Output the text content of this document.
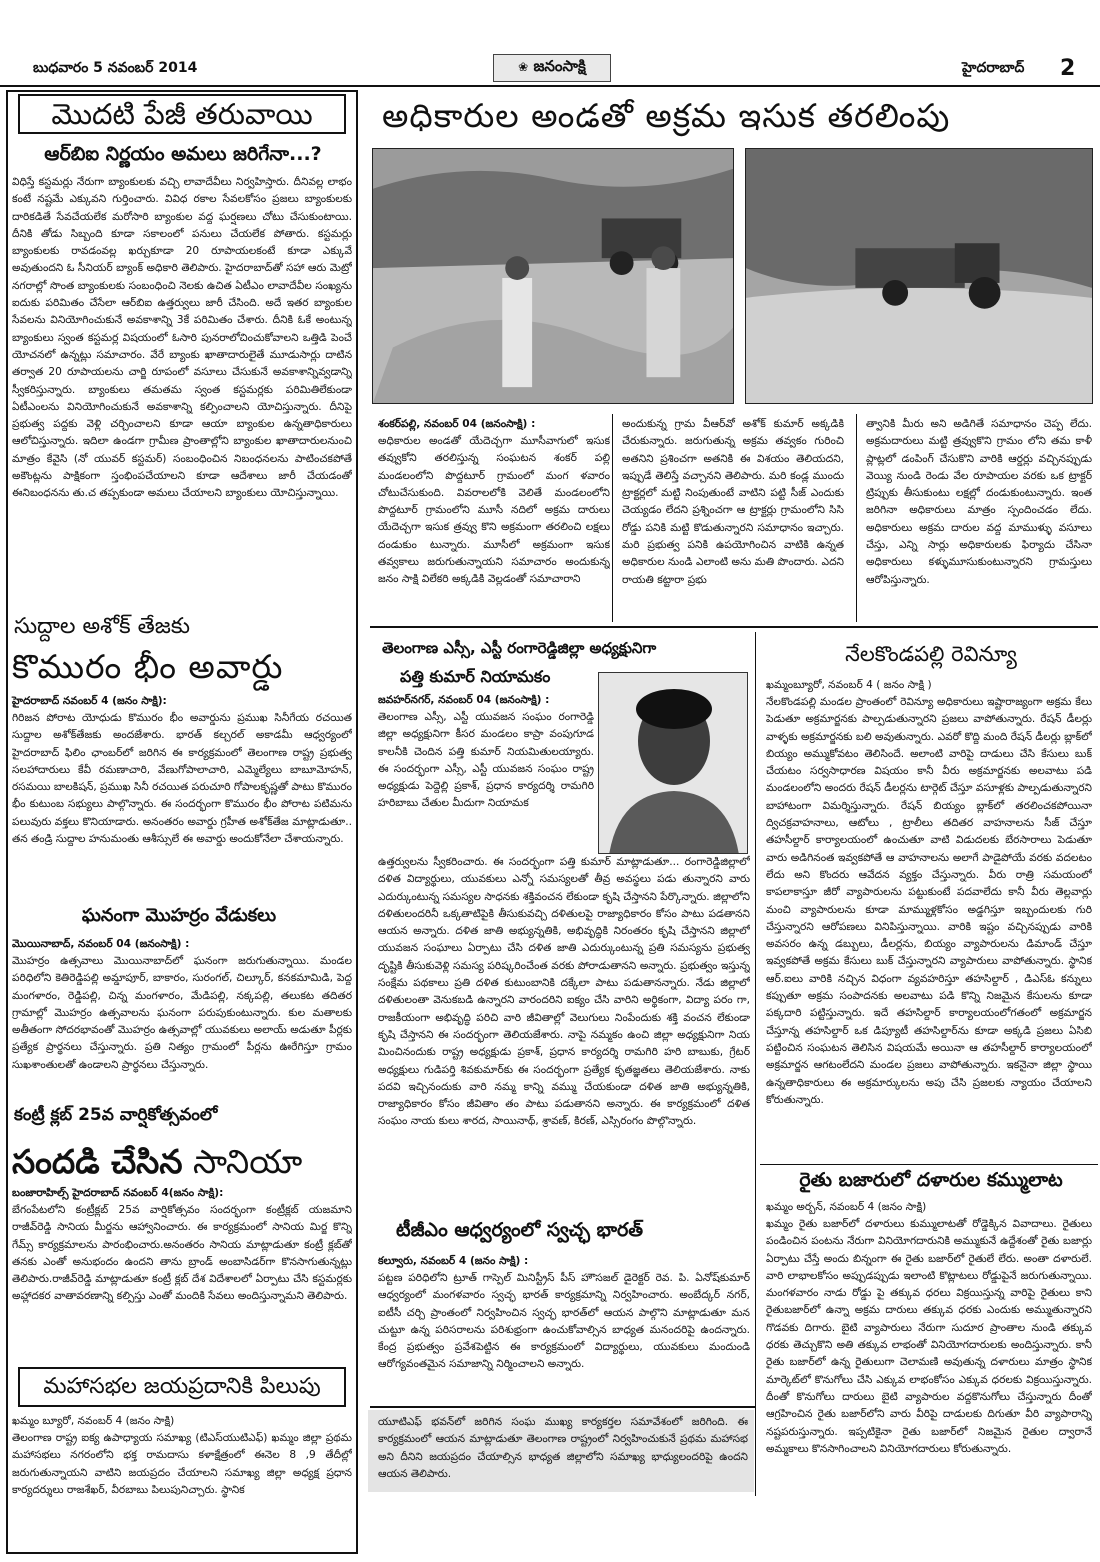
బుధవారం 5 నవంబర్ 2014	❀ జనంసాక్షి	హైదరాబాద్ 2
మొదటి పేజీ తరువాయి
ఆర్‌బిఐ నిర్ణయం అమలు జరిగేనా...?
విధిస్తే కస్టమర్లు నేరుగా బ్యాంకులకు వచ్చి లావాదేవీలు నిర్వహిస్తారు. దీనివల్ల లాభం కంటే నష్టమే ఎక్కువని గుర్తించారు. వివిధ రకాల సేవలకోసం ప్రజలు బ్యాంకులకు దారికడితే సేవచేయలేక మరోసారి బ్యాంకుల వద్ద ఘర్షణలు చోటు చేసుకుంటాయి. దీనికి తోడు సిబ్బంది కూడా సకాలంలో పనులు చేయలేక పోతారు. కస్టమర్లు బ్యాంకులకు రావడంవల్ల ఖర్చుకూడా 20 రూపాయలకంటే కూడా ఎక్కువే అవుతుందని ఓ సీనియర్ బ్యాంక్ అధికారి తెలిపారు. హైదరాబాద్‌తో సహా ఆరు మెట్రో నగరాల్లో సొంత బ్యాంకులకు సంబంధించి నెలకు ఉచిత ఏటీఎం లావాదేవీల సంఖ్యను ఐదుకు పరిమితం చేసేలా ఆర్‌బిఐ ఉత్తర్వులు జారీ చేసింది. అదే ఇతర బ్యాంకుల సేవలను వినియోగించుకునే అవకాశాన్ని 3కే పరిమితం చేశారు. దీనికి ఓకే అంటున్న బ్యాంకులు స్వంత కస్టమర్ల విషయంలో ఓసారి పునరాలోచించుకోవాలని ఒత్తిడి పెంచే యోచనలో ఉన్నట్లు సమాచారం. వేరే బ్యాంకు ఖాతాదారులైతే మూడుసార్లు దాటిన తర్వాత 20 రూపాయలను చార్జి రూపంలో వసూలు చేసుకునే అవకాశాన్నివ్వడాన్ని స్వీకరిస్తున్నారు. బ్యాంకులు తమతమ స్వంత కస్టమర్లకు పరిమితిలేకుండా ఏటీఎంలను వినియోగించుకునే అవకాశాన్ని కల్పించాలని యోచిస్తున్నారు. దీనిపై ప్రభుత్వ పద్దకు వెళ్లి చర్చించాలని కూడా ఆయా బ్యాంకుల ఉన్నతాధికారులు ఆలోచిస్తున్నారు. ఇదిలా ఉండగా గ్రామీణ ప్రాంతాల్లోని బ్యాంకుల ఖాతాదారులనుంచి మాత్రం కేవైసి (నో యువర్ కస్టమర్) సంబంధించిన నిబంధనలను పాటించకపోతే అకౌంట్లను పాక్షికంగా స్తంభింపచేయాలని కూడా ఆదేశాలు జారీ చేయడంతో ఈనిబంధనను తు.చ తప్పకుండా అమలు చేయాలని బ్యాంకులు యోచిస్తున్నాయి.
సుద్దాల అశోక్ తేజకు
కొమురం భీం అవార్డు
హైదరాబాద్ నవంబర్ 4 (జనం సాక్షి):
గిరిజన పోరాట యోధుడు కొమురం భీం అవార్డును ప్రముఖ సినీగేయ రచయిత సుద్దాల అశోక్‌తేజకు అందజేశారు. భారత్ కల్చరల్ అకాడమీ ఆధ్వర్యంలో హైదరాబాద్ ఫిలిం ఛాంబర్‌లో జరిగిన ఈ కార్యక్రమంలో తెలంగాణ రాష్ట్ర ప్రభుత్వ సలహాదారులు కేవీ రమణాచారి, వేణుగోపాలాచారి, ఎమ్మెల్యేలు బాబూమోహన్, రసమయి బాలకిషన్, ప్రముఖ సినీ రచయిత పరుచూరి గోపాలకృష్ణతో పాటు కొమురం భీం కుటుంబ సభ్యులు పాల్గొన్నారు. ఈ సందర్భంగా కొమురం భీం పోరాట పటిమను పలువురు వక్తలు కొనియాడారు. అనంతరం అవార్డు గ్రహీత అశోక్‌తేజ మాట్లాడుతూ.. తన తండ్రి సుద్దాల హనుమంతు ఆశీస్సులే ఈ అవార్డు అందుకోనేలా చేశాయన్నారు.
ఘనంగా మొహర్రం వేడుకలు
మొయినాబాద్, నవంబర్ 04 (జనంసాక్షి) :
మొహర్రం ఉత్సవాలు మొయినాబాద్‌లో ఘనంగా జరుగుతున్నాయి. మండల పరిధిలోని కెతిరెడ్డిపల్లి అమ్డాపూర్, బాకారం, సురంగల్, చిల్కూర్, కనకమామిడి, పెద్ద మంగళారం, రెడ్డిపల్లి, చిన్న మంగళారం, మేడిపల్లి, నక్కపల్లి, తలుకట తదితర గ్రామాల్లో మొహర్రం ఉత్సవాలను ఘనంగా పరుపుకుంటున్నారు. కుల మతాలకు అతీతంగా సోదరభావంతో మొహర్రం ఉత్సవాల్లో యువకులు అలాయ్ అడుతూ పీర్లకు ప్రత్యేక ప్రార్థనలు చేస్తున్నారు. ప్రతి నిత్యం గ్రామంలో పీర్లను ఊరేగిస్తూ గ్రామం సుఖశాంతులతో ఉండాలని ప్రార్థనలు చేస్తున్నారు.
కంట్రీ క్లబ్ 25వ వార్షికోత్సవంలో
సందడి చేసిన సానియా
బంజారాహిల్స్ హైదరాబాద్ నవంబర్ 4(జనం సాక్షి):
బేగంపేటలోని కంట్రీక్లబ్ 25వ వార్షికోత్సవం సందర్భంగా కంట్రీక్లబ్ యజమాని రాజీవ్‌రెడ్డి సానియ మీర్జను ఆహ్వానించారు. ఈ కార్యక్రమంలో సానియ మిర్జ కొన్ని గేమ్స్ కార్యక్రమాలను పారంభించారు.అనంతరం సానియ మాట్లాడుతూ కంట్రీ క్లబ్‌తో తనకు ఎంతో అనుభందం ఉందని తాను బ్రాండ్ అంబాసిడర్‌గా కొనసాగుతున్నట్లు తెలిపారు.రాజీవ్‌రెడ్డి మాట్లాడుతూ కంట్రీ క్లబ్ దేశ విదేశాలలో ఏర్పాటు చేసి కస్టమర్లకు అహ్లాదకర వాతావరణాన్ని కల్పిస్తు ఎంతో మందికి సేవలు అందిస్తున్నామని తెలిపారు.
మహాసభల జయప్రదానికి పిలుపు
ఖమ్మం బ్యూరో, నవంబర్ 4 (జనం సాక్షి)
తెలంగాణ రాష్ట్ర ఐక్య ఉపాధ్యాయ సమాఖ్య (టిఎస్‌యుటిఎఫ్) ఖమ్మం జిల్లా ప్రథమ మహాసభలు నగరంలోని భక్త రామదాసు కళాక్షేత్రంలో ఈనెల 8 ,9 తేదీల్లో జరుగుతున్నాయని వాటిని జయప్రదం చేయాలని సమాఖ్య జిల్లా అధ్యక్ష ప్రధాన కార్యదర్శులు రాజశేఖర్, వీరబాబు పిలుపునిచ్చారు. స్థానిక
అధికారుల అండతో అక్రమ ఇసుక తరలింపు
శంకర్‌పల్లి, నవంబర్ 04 (జనంసాక్షి) :
అధికారుల అండతో యేదెచ్చగా మూసీవాగులో ఇసుక తవ్వుకోని తరలిస్తున్న సంఘటన శంకర్ పల్లి మండలంలోని పొద్దటూర్ గ్రామంలో మంగ ళవారం చోటుచేసుకుంది. వివరాలలోకి వెలితే మండలంలోని పొద్దటూర్ గ్రామంలోని మూసీ నదిలో అక్రమ దారులు యేదెచ్చగా ఇసుక త్రవ్వు కొని అక్రమంగా తరలించి లక్షలు దండుకుం టున్నారు. మూసీలో అక్రమంగా ఇసుక తవ్వకాలు జరుగుతున్నాయని సమాచారం అందుకున్న జనం సాక్షి విలేకరి అక్కడికి వెల్లడంతో సమాచారాని
అందుకున్న గ్రామ వీఆర్‌వో అశోక్ కుమార్ అక్కడికి చేరుకున్నారు. జరుగుతున్న అక్రమ తవ్వకం గురించి అతనిని ప్రశించగా అతనికి ఈ విశయం తెలియదని, ఇప్పుడే తెలిస్తే వచ్చానని తెలిపారు. మరి కండ్ల ముందు ట్రాక్టర్లలో మట్టి నింపుతుంటే వాటిని పట్టి సీజ్ ఎందుకు చెయ్యడం లేదని ప్రశ్నించగా ఆ ట్రాక్టర్లు గ్రామంలోని సిసి రోడ్డు పనికి మట్టి కొడుతున్నారని సమాధానం ఇచ్చారు. మరి ప్రభుత్వ పనికి ఉపయోగించిన వాటికి ఉన్నత అధికారుల నుండి ఎలాంటి అను మతి పొందారు. ఎదని రాయతి కట్టారా ప్రభు
త్వానికి మీరు అని అడిగితే సమాధానం చెప్ప లేదు. అక్రమదారులు మట్టి త్రవ్వుకొని గ్రామం లోని తమ కాళీ ప్లాట్లలో డంపింగ్ చేసుకొని వారికి ఆర్డర్లు వచ్చినప్పుడు వెయ్యి నుండి రెండు వేల రూపాయల వరకు ఒక ట్రాక్టర్ ట్రిప్పుకు తీసుకుంటు లక్షల్లో దండుకుంటున్నారు. ఇంత జరిగినా అధికారులు మాత్రం స్పందించడం లేదు. అధికారులు అక్రమ దారుల వద్ద మాముళ్ళు వసూలు చేస్తు, ఎన్ని సార్లు అధికారులకు ఫిర్యాదు చేసినా అధికారులు కళ్ళుమూసుకుంటున్నారని గ్రామస్తులు ఆరోపిస్తున్నారు.
తెలంగాణ ఎస్సీ, ఎస్టీ రంగారెడ్డిజిల్లా అధ్యక్షునిగా
పత్తి కుమార్ నియామకం
జవహర్‌నగర్, నవంబర్ 04 (జనంసాక్షి) :
తెలంగాణ ఎస్సీ, ఎస్టీ యువజన సంఘం రంగారెడ్డి జిల్లా అధ్యక్షునిగా కీసర మండలం కాప్రా వంపుగూడ కాలనీకి చెందిన పత్తి కుమార్ నియమితులయ్యారు. ఈ సందర్భంగా ఎస్సీ, ఎస్టీ యువజన సంఘం రాష్ట్ర అధ్యక్షుడు పెద్దెల్లి ప్రకాశ్, ప్రధాన కార్యదర్శి రామగిరి హరిబాబు చేతుల మీదుగా నియామక
ఉత్తర్వులను స్వీకరించారు. ఈ సందర్భంగా పత్తి కుమార్ మాట్లాడుతూ... రంగారెడ్డిజిల్లాలో దళిత విద్యార్థులు, యువకులు ఎన్నో సమస్యలతో తీవ్ర అవస్థలు పడు తున్నారని వారు ఎదుర్కుంటున్న సమస్యల సాధనకు శక్తివంచన లేకుండా కృషి చేస్తానని పేర్కొన్నారు. జిల్లాలోని దళితులందరినీ ఒక్కతాటిపైకి తీసుకువచ్చి దళితులపై రాజ్యాధికారం కోసం పాటు పడతానని ఆయన అన్నారు. దళిత జాతి అభ్యున్నతికి, అభివృద్ధికి నిరంతరం కృషి చేస్తానని జిల్లాలో యువజన సంఘాలు ఏర్పాటు చేసి దళిత జాతి ఎదుర్కుంటున్న ప్రతి సమస్యను ప్రభుత్వ దృష్టికి తీసుకువెళ్లి సమస్య పరిష్కరించేంత వరకు పోరాడుతానని అన్నారు. ప్రభుత్వం ఇస్తున్న సంక్షేమ పథకాలు ప్రతి దళిత కుటుంబానికి దక్కేలా పాటు పడుతానన్నారు. నేడు జిల్లాలో దళితులంతా వెనుకబడి ఉన్నారని వారందరిని ఐక్యం చేసి వారిని అర్థికంగా, విద్యా పరం గా, రాజకీయంగా అభివృద్ధి పరిచి వారి జీవితాల్లో వెలుగులు నింపేందుకు శక్తి వంచన లేకుండా కృషి చేస్తానని ఈ సందర్భంగా తెలియజేశారు. నాపై నమ్మకం ఉంచి జిల్లా అధ్యక్షునిగా నియ మించినందుకు రాష్ట్ర అధ్యక్షుడు ప్రకాశ్, ప్రధాన కార్యదర్శి రామగిరి హరి బాబుకు, గ్రేటర్ అధ్యక్షులు గుడిపర్తి శివకుమార్‌కు ఈ సందర్భంగా ప్రత్యేక కృతజ్ఞతలు తెలియజేశారు. నాకు పదవి ఇచ్చినందుకు వారి నమ్మ కాన్ని వమ్ము చేయకుండా దళిత జాతి అభ్యున్నతికి, రాజ్యాధికారం కోసం జీవితాం తం పాటు పడుతానని అన్నారు. ఈ కార్యక్రమంలో దళిత సంఘం నాయ కులు శారద, సాయినాథ్, శ్రావణ్, కిరణ్, ఎస్సిరంగం పొల్గొన్నారు.
టీజీఎం ఆధ్వర్యంలో స్వచ్ఛ భారత్
కల్వూరు, నవంబర్ 4 (జనం సాక్షి) :
పట్టణ పరిధిలోని ట్రూత్ గాస్పెల్ మినిస్ట్రీస్ పీస్ హౌసజల్ డైరెక్టర్ రెవ. పి. ఏనోష్‌కుమార్ ఆధ్వర్యంలో మంగళవారం స్వచ్ఛ భారత్ కార్యక్రమాన్ని నిర్వహించారు. అంబేద్కర్ నగర్, ఐటీసీ చర్చి ప్రాంతంలో నిర్వహించిన స్వచ్ఛ భారత్‌లో ఆయన పాల్గొని మాట్లాడుతూ మన చుట్టూ ఉన్న పరిసరాలను పరిశుభ్రంగా ఉంచుకోవాల్సిన బాధ్యత మనందరిపై ఉందన్నారు. కేంద్ర ప్రభుత్వం ప్రవేశపెట్టిన ఈ కార్యక్రమంలో విద్యార్థులు, యువకులు మందుండి ఆరోగ్యవంతమైన సమాజాన్ని నిర్మించాలని అన్నారు.
యూటిఎఫ్ భవన్‌లో జరిగిన సంఘ ముఖ్య కార్యకర్తల సమావేశంలో జరిగింది. ఈ కార్యక్రమంలో ఆయన మాట్లాడుతూ తెలంగాణ రాష్ట్రంలో నిర్వహించుకునే ప్రథమ మహాసభ అని దీనిని జయప్రదం చేయాల్సిన భాధ్యత జిల్లాలోని సమాఖ్య భాధ్యులందరిపై ఉందని ఆయన తెలిపారు.
నేలకొండపల్లి రెవిన్యూ
ఖమ్మంబ్యూరో, నవంబర్ 4 ( జనం సాక్షి )
నేలకొండపల్లి మండల ప్రాంతంలో రెవిన్యూ అధికారులు ఇష్టారాజ్యంగా అక్రమ కేలు పెడుతూ అక్రమార్జనకు పాల్పడుతున్నారని ప్రజలు వాపోతున్నారు. రేషన్ డీలర్లు వాళ్ళకు అక్రమార్జనకు బలి అవుతున్నారు. ఎవరో కొద్ది మంది రేషన్ డీలర్లు బ్లాక్‌లో బియ్యం అమ్ముకోవటం తెలిసిందే. అలాంటి వారిపై దాడులు చేసి కేసులు బుక్ చేయటం సర్వసాధారణ విషయం కానీ వీరు అక్రమార్జనకు అలవాటు పడి మండలంలోని అందరు రేషన్ డీలర్లను టార్గెట్ చేస్తూ వసూళ్లకు పాల్పడుతున్నారని బాహాటంగా విమర్శిస్తున్నారు. రేషన్ బియ్యం బ్లాక్‌లో తరలించకపోయినా ద్విచక్రవాహనాలు, ఆటోలు , ట్రాలీలు తదితర వాహనాలను సీజ్ చేస్తూ తహసీల్దార్ కార్యాలయంలో ఉంచుతూ వాటి విడుదలకు బేరసారాలు పెడుతూ వారు అడిగినంత ఇవ్వకపోతే ఆ వాహనాలను అలాగే పాడైపోయే వరకు వదలటం లేదు అని కొందరు ఆవేదన వ్యక్తం చేస్తున్నారు. వీరు రాత్రి సమయంలో కాపలాకాస్తూ జీరో వ్యాపారులను పట్టుకుంటే పదవాలేదు కానీ వీరు తెల్లవార్లు మంచి వ్యాపారులను కూడా మామ్ముళ్లకోసం అడ్డగిస్తూ ఇబ్బందులకు గురి చేస్తున్నారని ఆరోపణలు వినిపిస్తున్నాయి. వారికి ఇష్టం వచ్చినప్పుడు వారికి అవసరం ఉన్న డబ్బులు, డీలర్లను, బియ్యం వ్యాపారులను డిమాండ్ చేస్తూ ఇవ్వకపోతే అక్రమ కేసులు బుక్ చేస్తున్నారని వ్యాపారులు వాపోతున్నారు. స్థానిక ఆర్.ఐలు వారికి నచ్చిన విధంగా వ్యవహరిస్తూ తహసిల్దార్ , డిఎస్ఓ కన్నులు కప్పుతూ అక్రమ సంపాదనకు అలవాటు పడి కొన్ని నిజమైన కేసులను కూడా పక్కదారి పట్టిస్తున్నారు. ఇదే తహసిల్దార్ కార్యాలయంలోగతంలో అక్రమార్జన చేస్తూన్న తహసిల్దార్ ఒక డిప్యూటీ తహసిల్దార్‌ను కూడా అక్కడి ప్రజలు ఏసిబి పట్టించిన సంఘటన తెలిసిన విషయమే అయినా ఆ తహసీల్దార్ కార్యాలయంలో అక్రమార్జన ఆగటంలేదని మండల ప్రజలు వాపోతున్నారు. ఇకనైనా జిల్లా స్థాయి ఉన్నతాధికారులు ఈ అక్రమార్కులను అపు చేసి ప్రజలకు న్యాయం చేయాలని కోరుతున్నారు.
రైతు బజారులో దళారుల కమ్ములాట
ఖమ్మం అర్బన్, నవంబర్ 4 (జనం సాక్షి)
ఖమ్మం రైతు బజార్‌లో దళారులు కుమ్ములాటతో రోడ్డెక్కిన వివాదాలు. రైతులు పండించిన పంటను నేరుగా వినియోగదారునికి అమ్ముకునే ఉద్దేశంతో రైతు బజార్లు ఏర్పాటు చేస్తే అందు బిన్నంగా ఈ రైతు బజార్‌లో రైతులే లేరు. అంతా దళారులే. వారి లాభాలకోసం అప్పుడప్పుడు ఇలాంటి కొట్లాటలు రోడ్డుపైనే జరుగుతున్నాయి. మంగళవారం నాడు రోడ్డు పై తక్కువ ధరలు విక్రయిస్తున్న వారిపై రైతులు కాని రైతుబజార్‌లో ఉన్నా అక్రమ దారులు తక్కువ ధరకు ఎందుకు అమ్ముతున్నారని గొడవకు దిగారు. బైటి వ్యాపారులు నేరుగా సుదూర ప్రాంతాల నుండి తక్కువ ధరకు తెచ్చుకొని అతి తక్కువ లాభంతో వినియోగదారులకు అందిస్తున్నారు. కానీ రైతు బజార్‌లో ఉన్న రైతులుగా చెలామణి అవుతున్న దళారులు మాత్రం స్థానిక మార్కెట్‌లో కొనుగోలు చేసి ఎక్కువ లాభంకోసం ఎక్కువ ధరలకు విక్రయిస్తున్నారు. దీంతో కొనుగోలు దారులు బైటి వ్యాపారుల వద్దకొనుగోలు చేస్తున్నారు దీంతో ఆగ్రహించిన రైతు బజార్‌లోని వారు వీరిపై దాడులకు దిగుతూ వీరి వ్యాపారాన్ని నష్టపరుస్తున్నారు. ఇప్పటికైనా రైతు బజార్‌లో నిజమైన రైతుల ద్వారానే అమ్మకాలు కొనసాగించాలని వినియోగదారులు కోరుతున్నారు.
